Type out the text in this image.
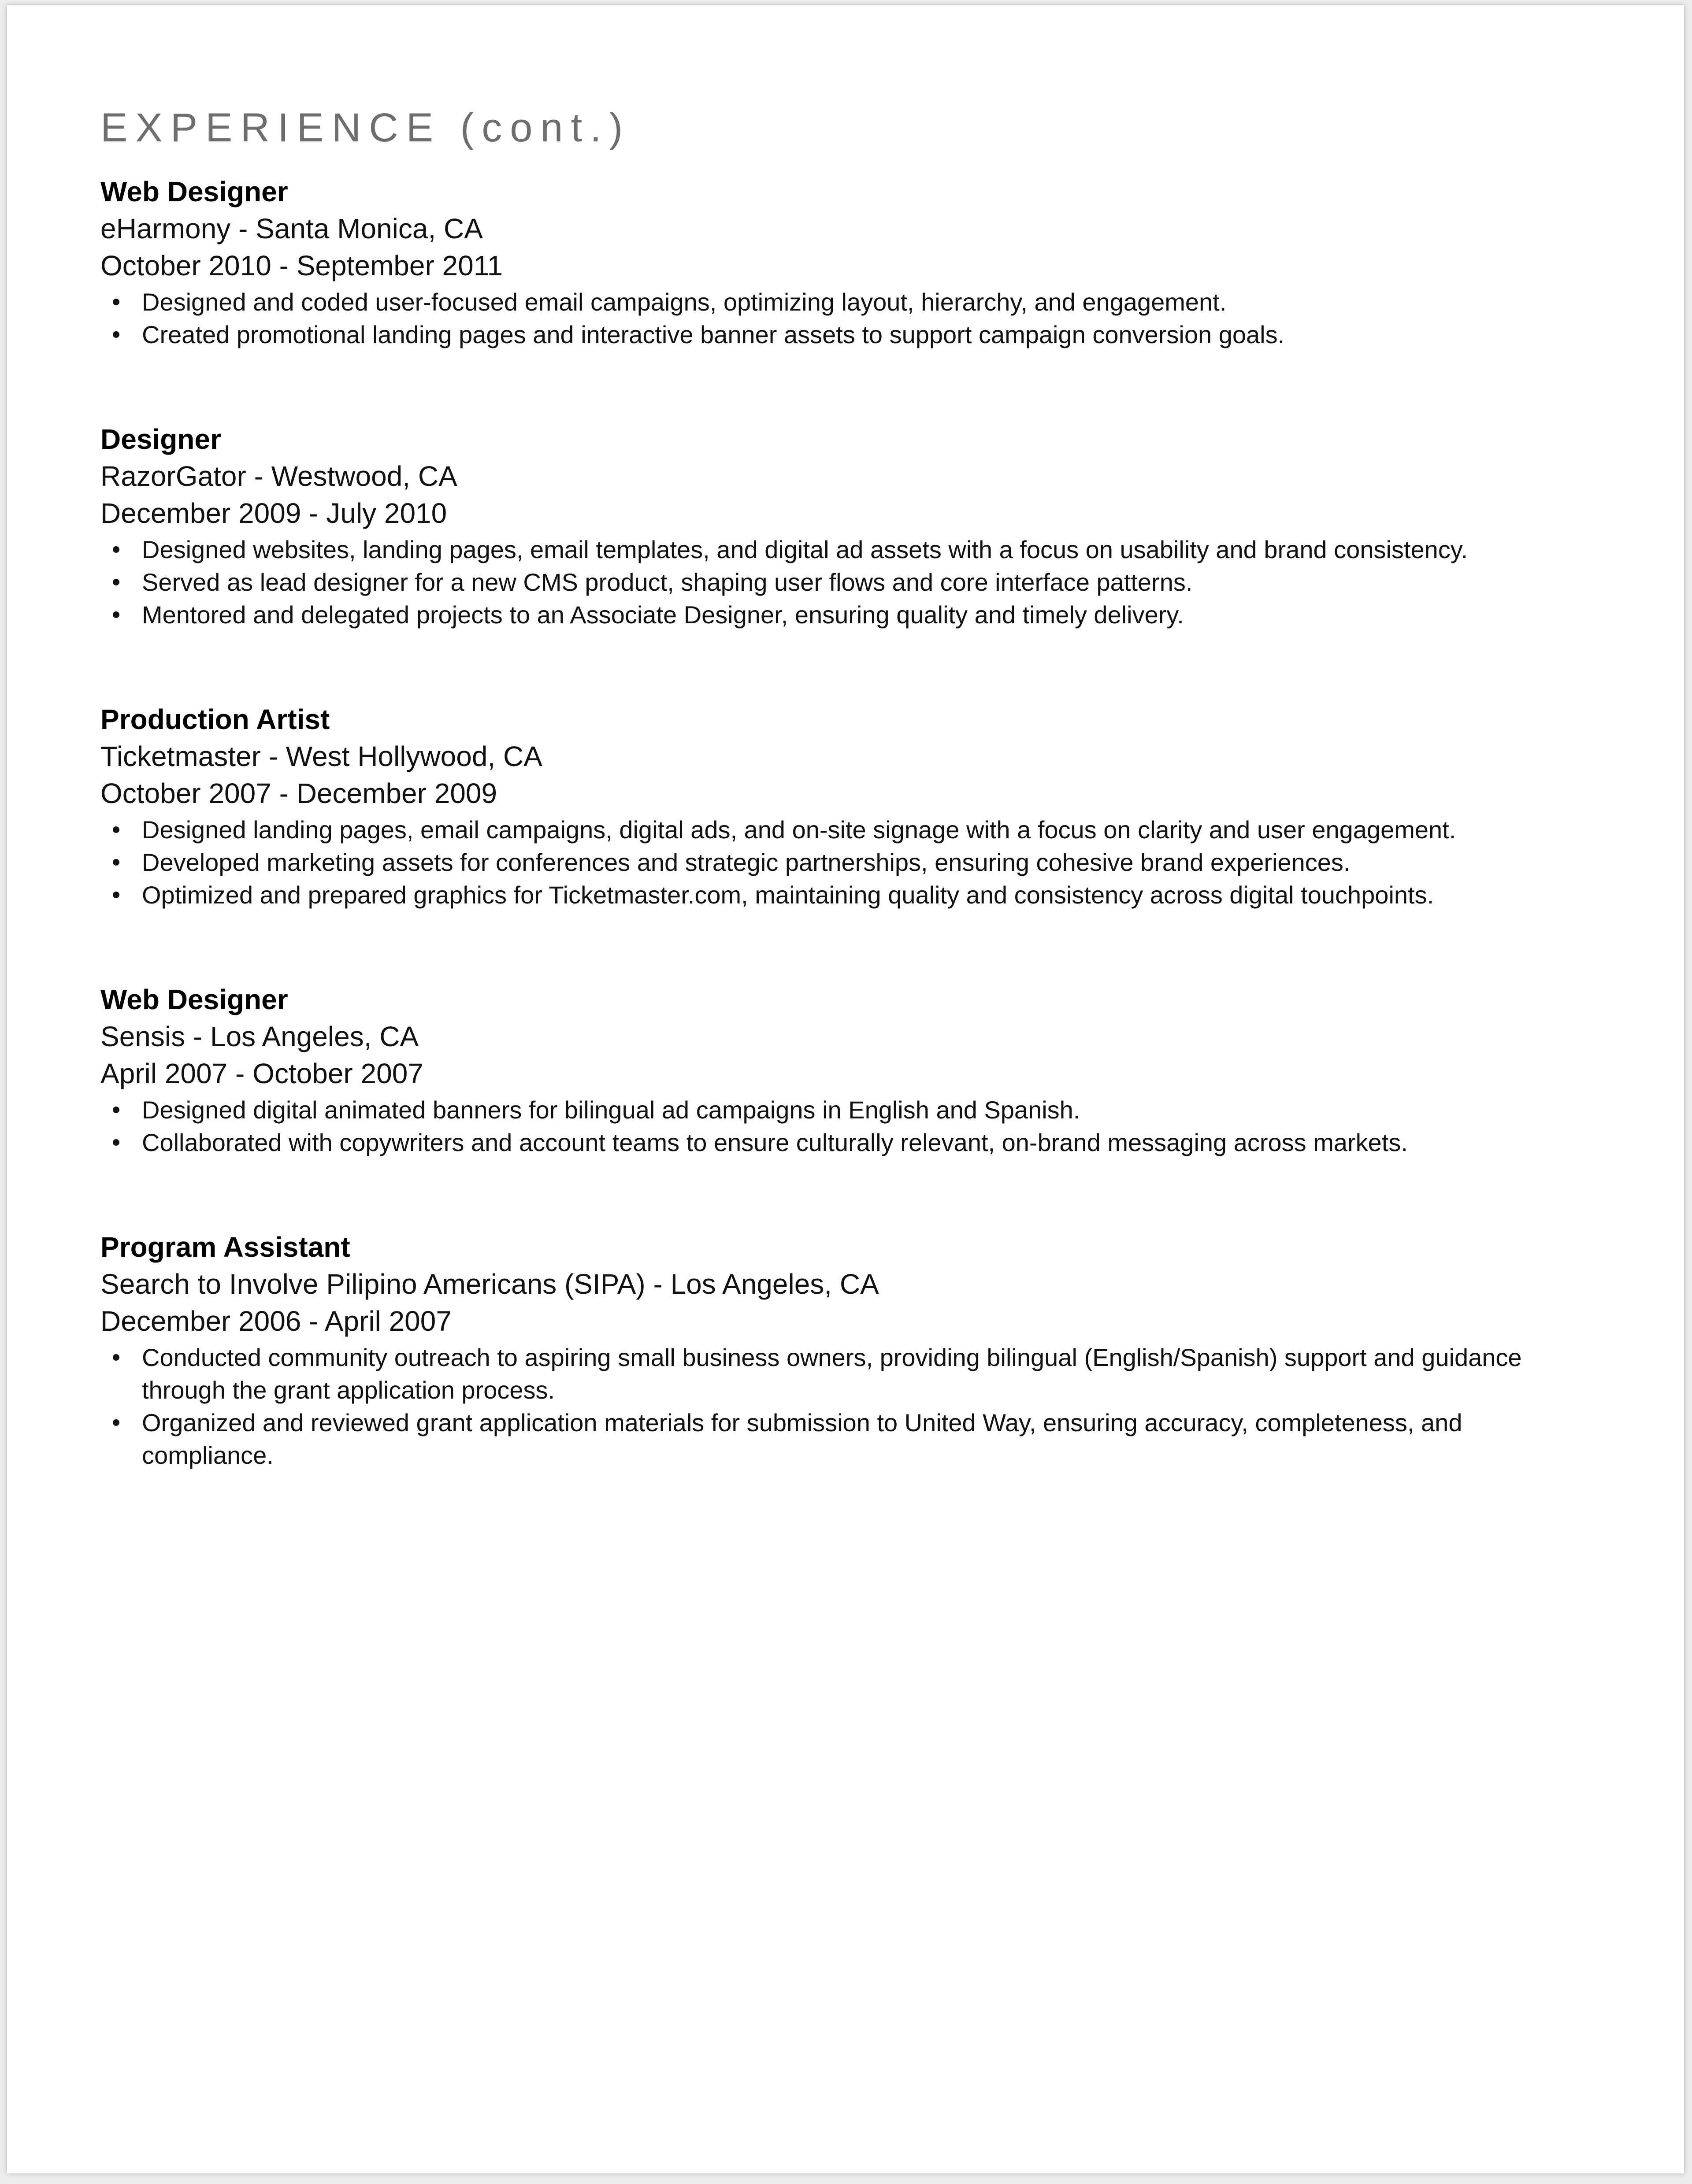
EXPERIENCE (cont.)
Web Designer
eHarmony - Santa Monica, CA
October 2010 - September 2011
Designed and coded user-focused email campaigns, optimizing layout, hierarchy, and engagement.
Created promotional landing pages and interactive banner assets to support campaign conversion goals.
Designer
RazorGator - Westwood, CA
December 2009 - July 2010
Designed websites, landing pages, email templates, and digital ad assets with a focus on usability and brand consistency.
Served as lead designer for a new CMS product, shaping user flows and core interface patterns.
Mentored and delegated projects to an Associate Designer, ensuring quality and timely delivery.
Production Artist
Ticketmaster - West Hollywood, CA
October 2007 - December 2009
Designed landing pages, email campaigns, digital ads, and on-site signage with a focus on clarity and user engagement.
Developed marketing assets for conferences and strategic partnerships, ensuring cohesive brand experiences.
Optimized and prepared graphics for Ticketmaster.com, maintaining quality and consistency across digital touchpoints.
Web Designer
Sensis - Los Angeles, CA
April 2007 - October 2007
Designed digital animated banners for bilingual ad campaigns in English and Spanish.
Collaborated with copywriters and account teams to ensure culturally relevant, on-brand messaging across markets.
Program Assistant
Search to Involve Pilipino Americans (SIPA) - Los Angeles, CA
December 2006 - April 2007
Conducted community outreach to aspiring small business owners, providing bilingual (English/Spanish) support and guidance through the grant application process.
Organized and reviewed grant application materials for submission to United Way, ensuring accuracy, completeness, and compliance.
